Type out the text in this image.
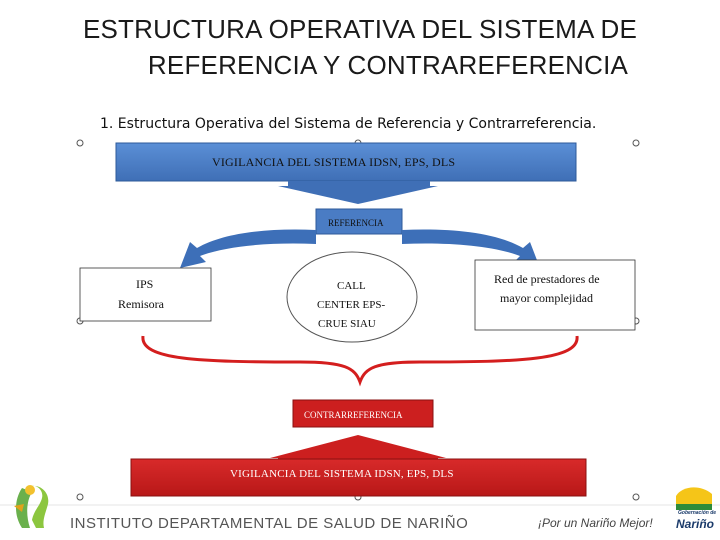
ESTRUCTURA OPERATIVA DEL SISTEMA DE
REFERENCIA Y CONTRAREFERENCIA
1. Estructura Operativa del Sistema de Referencia y Contrarreferencia.
VIGILANCIA DEL SISTEMA IDSN, EPS, DLS
REFERENCIA
IPS
Remisora
CALL
CENTER EPS-
CRUE SIAU
Red de prestadores de
mayor complejidad
CONTRARREFERENCIA
VIGILANCIA DEL SISTEMA IDSN, EPS, DLS
INSTITUTO DEPARTAMENTAL DE SALUD DE NARIÑO	¡Por un Nariño Mejor!
Gobernación de
Nariño
